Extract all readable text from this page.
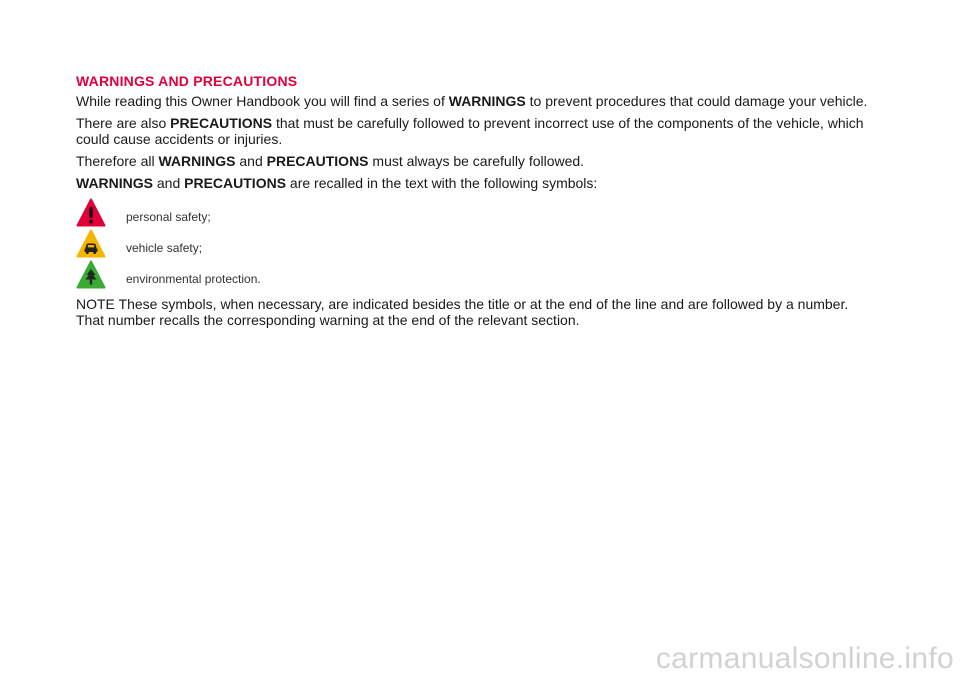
WARNINGS AND PRECAUTIONS

While reading this Owner Handbook you will find a series of WARNINGS to prevent procedures that could damage your vehicle.

There are also PRECAUTIONS that must be carefully followed to prevent incorrect use of the components of the vehicle, which could cause accidents or injuries.

Therefore all WARNINGS and PRECAUTIONS must always be carefully followed.

WARNINGS and PRECAUTIONS are recalled in the text with the following symbols:

personal safety;
vehicle safety;
environmental protection.

NOTE These symbols, when necessary, are indicated besides the title or at the end of the line and are followed by a number. That number recalls the corresponding warning at the end of the relevant section.

carmanualsonline.info
